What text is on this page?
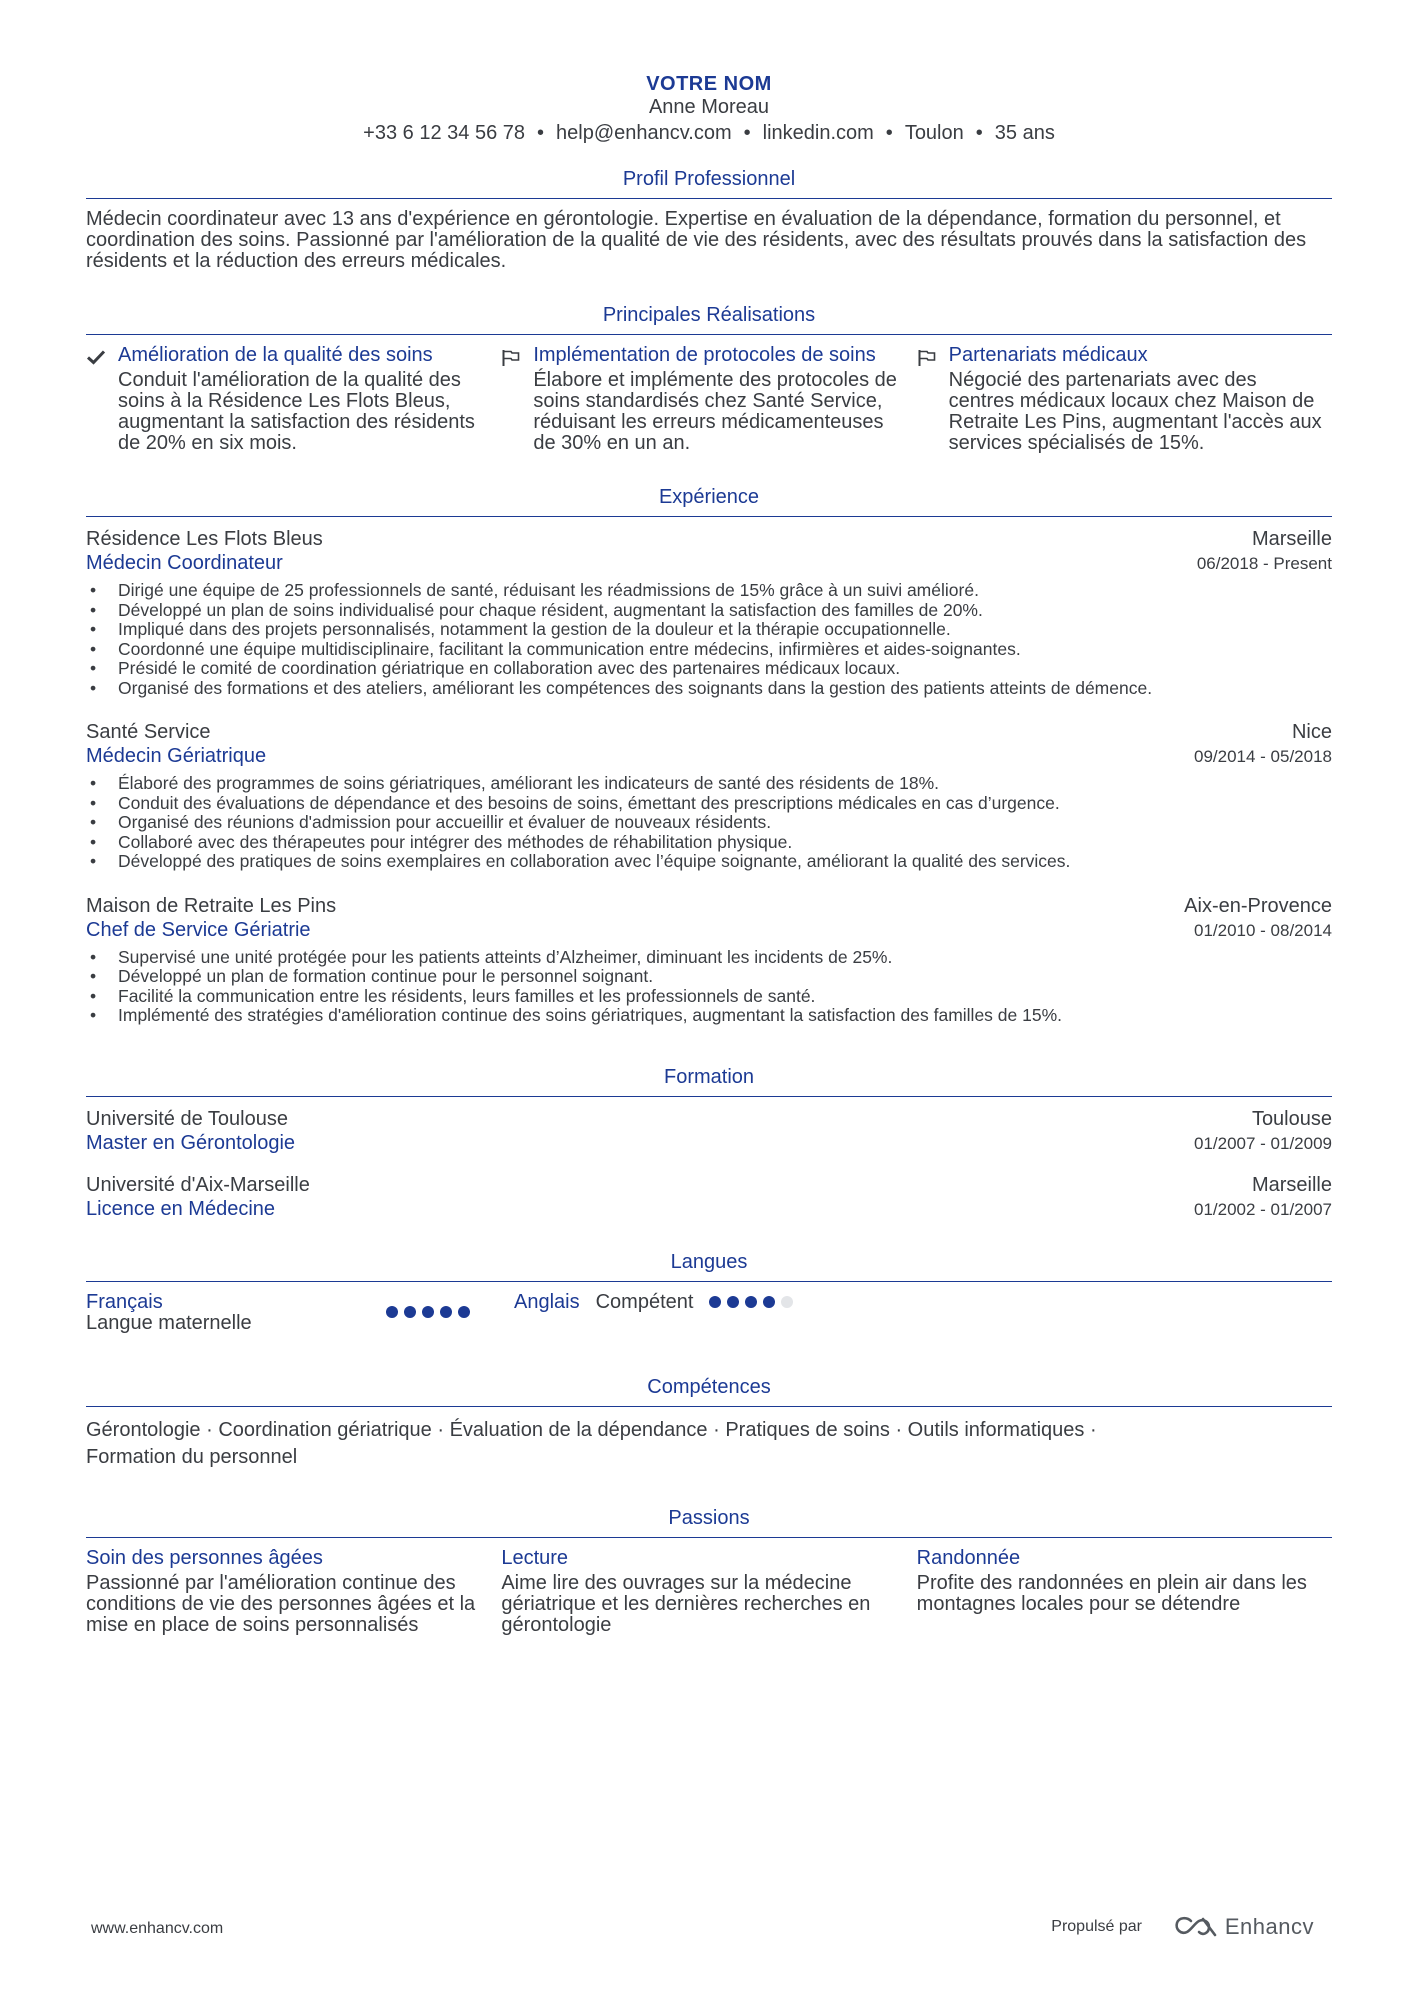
VOTRE NOM
Anne Moreau
+33 6 12 34 56 78 • help@enhancv.com • linkedin.com • Toulon • 35 ans
Profil Professionnel
Médecin coordinateur avec 13 ans d'expérience en gérontologie. Expertise en évaluation de la dépendance, formation du personnel, et coordination des soins. Passionné par l'amélioration de la qualité de vie des résidents, avec des résultats prouvés dans la satisfaction des résidents et la réduction des erreurs médicales.
Principales Réalisations
Amélioration de la qualité des soins
Conduit l'amélioration de la qualité des soins à la Résidence Les Flots Bleus, augmentant la satisfaction des résidents de 20% en six mois.
Implémentation de protocoles de soins
Élabore et implémente des protocoles de soins standardisés chez Santé Service, réduisant les erreurs médicamenteuses de 30% en un an.
Partenariats médicaux
Négocié des partenariats avec des centres médicaux locaux chez Maison de Retraite Les Pins, augmentant l'accès aux services spécialisés de 15%.
Expérience
Résidence Les Flots Bleus	Marseille
Médecin Coordinateur	06/2018 - Present
• Dirigé une équipe de 25 professionnels de santé, réduisant les réadmissions de 15% grâce à un suivi amélioré.
• Développé un plan de soins individualisé pour chaque résident, augmentant la satisfaction des familles de 20%.
• Impliqué dans des projets personnalisés, notamment la gestion de la douleur et la thérapie occupationnelle.
• Coordonné une équipe multidisciplinaire, facilitant la communication entre médecins, infirmières et aides-soignantes.
• Présidé le comité de coordination gériatrique en collaboration avec des partenaires médicaux locaux.
• Organisé des formations et des ateliers, améliorant les compétences des soignants dans la gestion des patients atteints de démence.
Santé Service	Nice
Médecin Gériatrique	09/2014 - 05/2018
• Élaboré des programmes de soins gériatriques, améliorant les indicateurs de santé des résidents de 18%.
• Conduit des évaluations de dépendance et des besoins de soins, émettant des prescriptions médicales en cas d’urgence.
• Organisé des réunions d'admission pour accueillir et évaluer de nouveaux résidents.
• Collaboré avec des thérapeutes pour intégrer des méthodes de réhabilitation physique.
• Développé des pratiques de soins exemplaires en collaboration avec l’équipe soignante, améliorant la qualité des services.
Maison de Retraite Les Pins	Aix-en-Provence
Chef de Service Gériatrie	01/2010 - 08/2014
• Supervisé une unité protégée pour les patients atteints d’Alzheimer, diminuant les incidents de 25%.
• Développé un plan de formation continue pour le personnel soignant.
• Facilité la communication entre les résidents, leurs familles et les professionnels de santé.
• Implémenté des stratégies d'amélioration continue des soins gériatriques, augmentant la satisfaction des familles de 15%.
Formation
Université de Toulouse	Toulouse
Master en Gérontologie	01/2007 - 01/2009
Université d'Aix-Marseille	Marseille
Licence en Médecine	01/2002 - 01/2007
Langues
Français
Langue maternelle
Anglais Compétent
Compétences
Gérontologie · Coordination gériatrique · Évaluation de la dépendance · Pratiques de soins · Outils informatiques ·
Formation du personnel
Passions
Soin des personnes âgées
Passionné par l'amélioration continue des conditions de vie des personnes âgées et la mise en place de soins personnalisés
Lecture
Aime lire des ouvrages sur la médecine gériatrique et les dernières recherches en gérontologie
Randonnée
Profite des randonnées en plein air dans les montagnes locales pour se détendre
www.enhancv.com	Propulsé par	Enhancv
